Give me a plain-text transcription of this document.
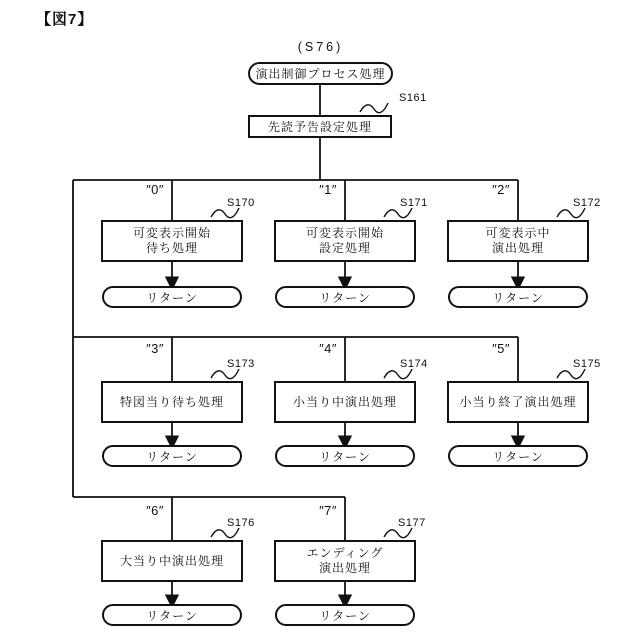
【図7】
(S76)
演出制御プロセス処理
S161
先読予告設定処理
″0″
S170
可変表示開始
待ち処理
リターン
″1″
S171
可変表示開始
設定処理
リターン
″2″
S172
可変表示中
演出処理
リターン
″3″
S173
特図当り待ち処理
リターン
″4″
S174
小当り中演出処理
リターン
″5″
S175
小当り終了演出処理
リターン
″6″
S176
大当り中演出処理
リターン
″7″
S177
エンディング
演出処理
リターン
